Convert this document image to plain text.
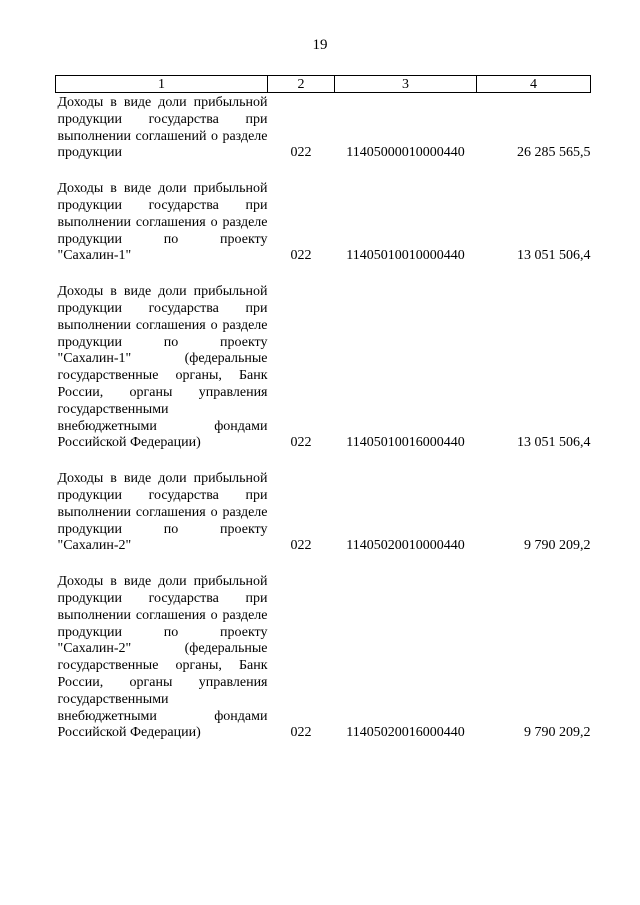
19
1	2	3	4
Доходы в виде доли прибыльной продукции государства при выполнении соглашений о разделе продукции	022	11405000010000440	26 285 565,5
Доходы в виде доли прибыльной продукции государства при выполнении соглашения о разделе продукции по проекту "Сахалин-1"	022	11405010010000440	13 051 506,4
Доходы в виде доли прибыльной продукции государства при выполнении соглашения о разделе продукции по проекту "Сахалин-1" (федеральные государственные органы, Банк России, органы управления государственными внебюджетными фондами Российской Федерации)	022	11405010016000440	13 051 506,4
Доходы в виде доли прибыльной продукции государства при выполнении соглашения о разделе продукции по проекту "Сахалин-2"	022	11405020010000440	9 790 209,2
Доходы в виде доли прибыльной продукции государства при выполнении соглашения о разделе продукции по проекту "Сахалин-2" (федеральные государственные органы, Банк России, органы управления государственными внебюджетными фондами Российской Федерации)	022	11405020016000440	9 790 209,2
